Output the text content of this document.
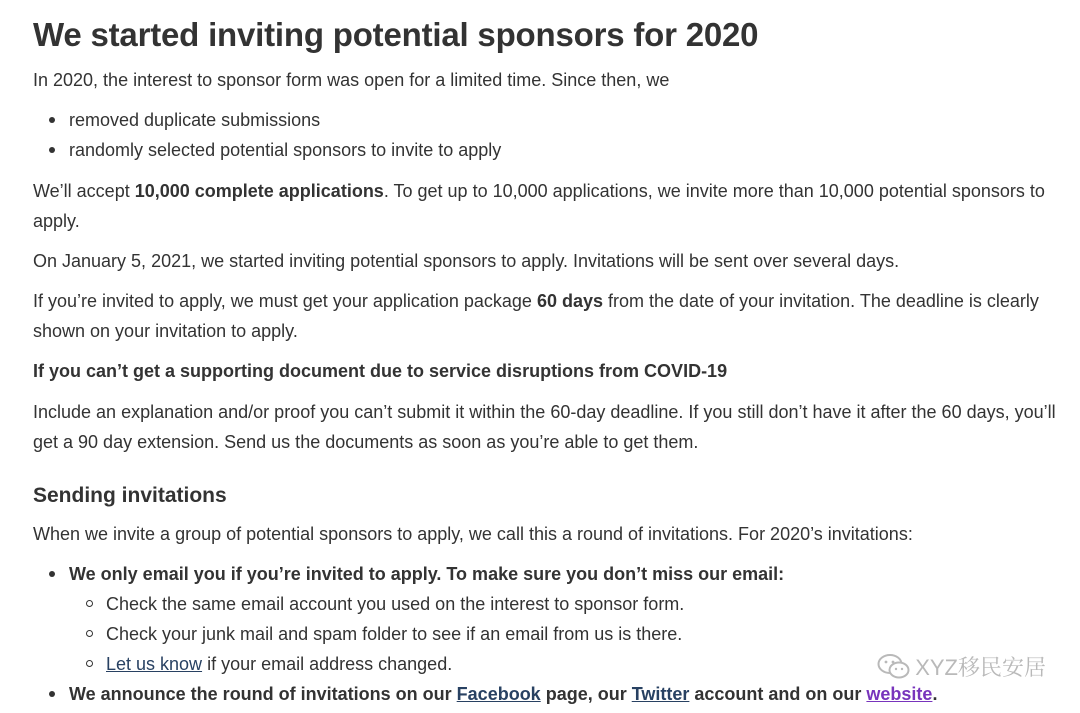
We started inviting potential sponsors for 2020

In 2020, the interest to sponsor form was open for a limited time. Since then, we

removed duplicate submissions
randomly selected potential sponsors to invite to apply

We’ll accept 10,000 complete applications. To get up to 10,000 applications, we invite more than 10,000 potential sponsors to apply.

On January 5, 2021, we started inviting potential sponsors to apply. Invitations will be sent over several days.

If you’re invited to apply, we must get your application package 60 days from the date of your invitation. The deadline is clearly shown on your invitation to apply.

If you can’t get a supporting document due to service disruptions from COVID-19

Include an explanation and/or proof you can’t submit it within the 60-day deadline. If you still don’t have it after the 60 days, you’ll get a 90 day extension. Send us the documents as soon as you’re able to get them.

Sending invitations

When we invite a group of potential sponsors to apply, we call this a round of invitations. For 2020’s invitations:

We only email you if you’re invited to apply. To make sure you don’t miss our email:
Check the same email account you used on the interest to sponsor form.
Check your junk mail and spam folder to see if an email from us is there.
Let us know if your email address changed.
We announce the round of invitations on our Facebook page, our Twitter account and on our website.
XYZ移民安居
